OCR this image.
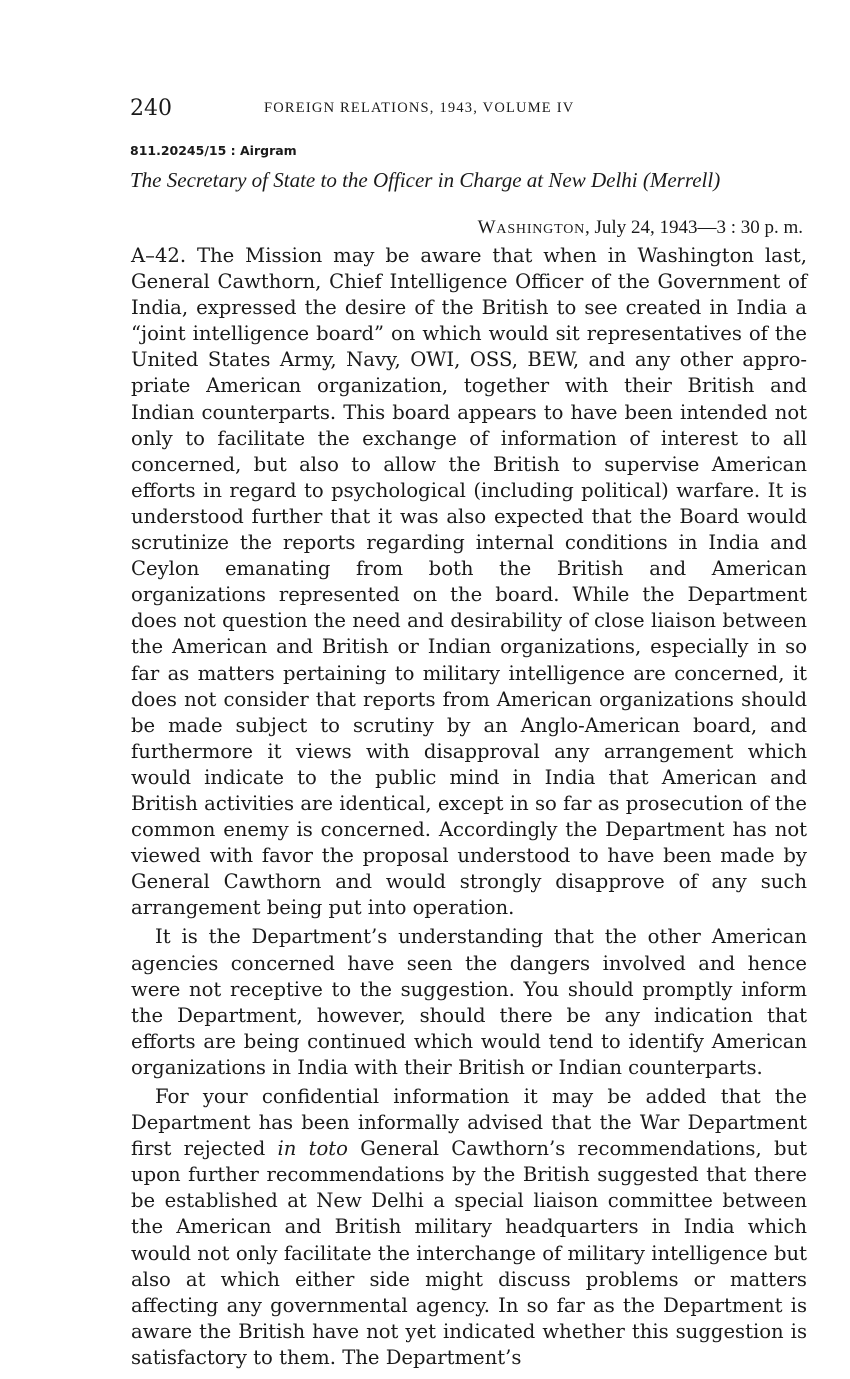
240	FOREIGN RELATIONS, 1943, VOLUME IV
811.20245/15 : Airgram
The Secretary of State to the Officer in Charge at New Delhi (Merrell)
WASHINGTON, July 24, 1943—3 : 30 p. m.

A–42. The Mission may be aware that when in Washington last, General Cawthorn, Chief Intelligence Officer of the Government of India, expressed the desire of the British to see created in India a “joint intelligence board” on which would sit representatives of the United States Army, Navy, OWI, OSS, BEW, and any other appropriate American organization, together with their British and Indian counterparts. This board appears to have been intended not only to facilitate the exchange of information of interest to all concerned, but also to allow the British to supervise American efforts in regard to psychological (including political) warfare. It is understood further that it was also expected that the Board would scrutinize the reports regarding internal conditions in India and Ceylon emanating from both the British and American organizations represented on the board. While the Department does not question the need and desirability of close liaison between the American and British or Indian organizations, especially in so far as matters pertaining to military intelligence are concerned, it does not consider that reports from American organizations should be made subject to scrutiny by an Anglo-American board, and furthermore it views with disapproval any arrangement which would indicate to the public mind in India that American and British activities are identical, except in so far as prosecution of the common enemy is concerned. Accordingly the Department has not viewed with favor the proposal understood to have been made by General Cawthorn and would strongly disapprove of any such arrangement being put into operation.

It is the Department’s understanding that the other American agencies concerned have seen the dangers involved and hence were not receptive to the suggestion. You should promptly inform the Department, however, should there be any indication that efforts are being continued which would tend to identify American organizations in India with their British or Indian counterparts.

For your confidential information it may be added that the Department has been informally advised that the War Department first rejected in toto General Cawthorn’s recommendations, but upon further recommendations by the British suggested that there be established at New Delhi a special liaison committee between the American and British military headquarters in India which would not only facilitate the interchange of military intelligence but also at which either side might discuss problems or matters affecting any governmental agency. In so far as the Department is aware the British have not yet indicated whether this suggestion is satisfactory to them. The Department’s
